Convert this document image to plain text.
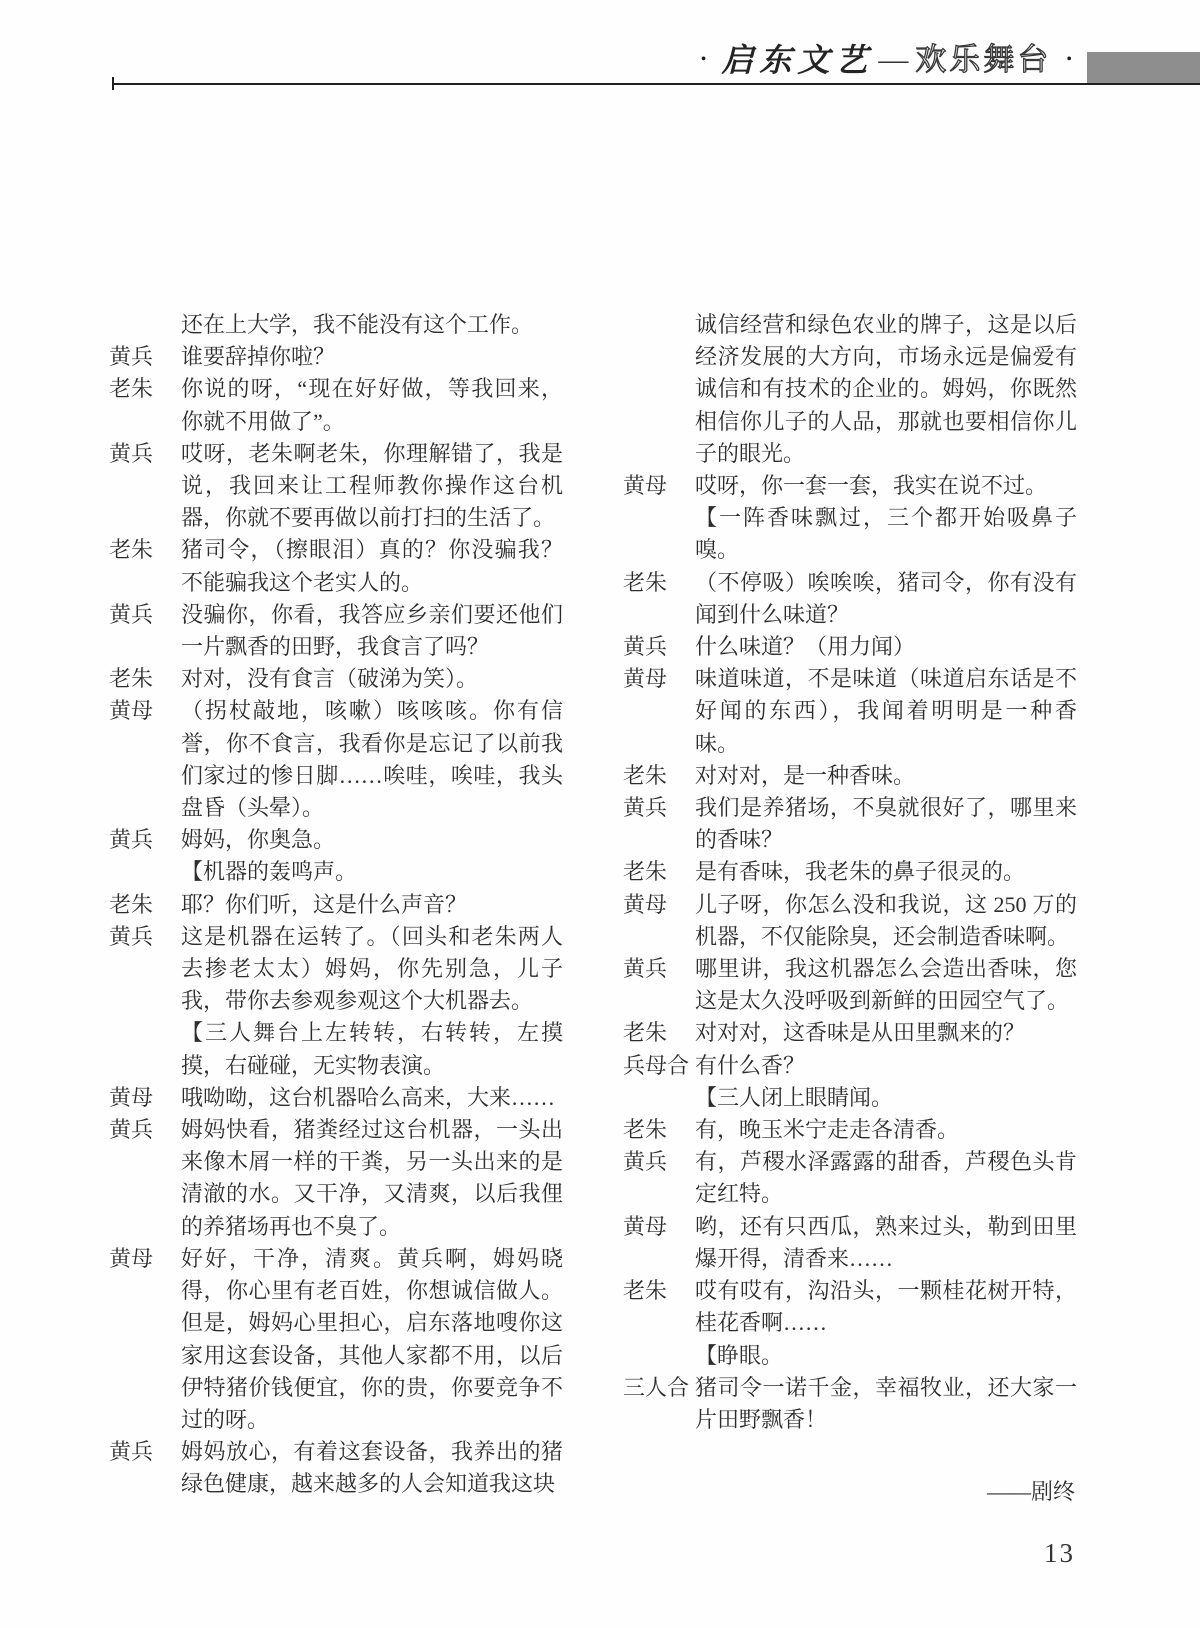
• 启东文艺 — 欢乐舞台 •
还在上大学，我不能没有这个工作。
黄兵	谁要辞掉你啦？
老朱	你说的呀，“现在好好做，等我回来，你就不用做了”。
黄兵	哎呀，老朱啊老朱，你理解错了，我是说，我回来让工程师教你操作这台机器，你就不要再做以前打扫的生活了。
老朱	猪司令，（擦眼泪）真的？你没骗我？不能骗我这个老实人的。
黄兵	没骗你，你看，我答应乡亲们要还他们一片飘香的田野，我食言了吗？
老朱	对对，没有食言（破涕为笑）。
黄母	（拐杖敲地，咳嗽）咳咳咳。你有信誉，你不食言，我看你是忘记了以前我们家过的惨日脚……唉哇，唉哇，我头盘昏（头晕）。
黄兵	姆妈，你奥急。
【机器的轰鸣声。
老朱	耶？你们听，这是什么声音？
黄兵	这是机器在运转了。（回头和老朱两人去掺老太太）姆妈，你先别急，儿子我，带你去参观参观这个大机器去。
【三人舞台上左转转，右转转，左摸摸，右碰碰，无实物表演。
黄母	哦呦呦，这台机器哈么高来，大来……
黄兵	姆妈快看，猪粪经过这台机器，一头出来像木屑一样的干粪，另一头出来的是清澈的水。又干净，又清爽，以后我俚的养猪场再也不臭了。
黄母	好好，干净，清爽。黄兵啊，姆妈晓得，你心里有老百姓，你想诚信做人。但是，姆妈心里担心，启东落地嗖你这家用这套设备，其他人家都不用，以后伊特猪价钱便宜，你的贵，你要竞争不过的呀。
黄兵	姆妈放心，有着这套设备，我养出的猪绿色健康，越来越多的人会知道我这块
诚信经营和绿色农业的牌子，这是以后经济发展的大方向，市场永远是偏爱有诚信和有技术的企业的。姆妈，你既然相信你儿子的人品，那就也要相信你儿子的眼光。
黄母	哎呀，你一套一套，我实在说不过。
【一阵香味飘过，三个都开始吸鼻子嗅。
老朱	（不停吸）唉唉唉，猪司令，你有没有闻到什么味道？
黄兵	什么味道？（用力闻）
黄母	味道味道，不是味道（味道启东话是不好闻的东西），我闻着明明是一种香味。
老朱	对对对，是一种香味。
黄兵	我们是养猪场，不臭就很好了，哪里来的香味？
老朱	是有香味，我老朱的鼻子很灵的。
黄母	儿子呀，你怎么没和我说，这 250 万的机器，不仅能除臭，还会制造香味啊。
黄兵	哪里讲，我这机器怎么会造出香味，您这是太久没呼吸到新鲜的田园空气了。
老朱	对对对，这香味是从田里飘来的？
兵母合 有什么香？
【三人闭上眼睛闻。
老朱	有，晚玉米宁走走各清香。
黄兵	有，芦稷水泽露露的甜香，芦稷色头肯定红特。
黄母	哟，还有只西瓜，熟来过头，勒到田里爆开得，清香来……
老朱	哎有哎有，沟沿头，一颗桂花树开特，桂花香啊……
【睁眼。
三人合 猪司令一诺千金，幸福牧业，还大家一片田野飘香！
——剧终
13
